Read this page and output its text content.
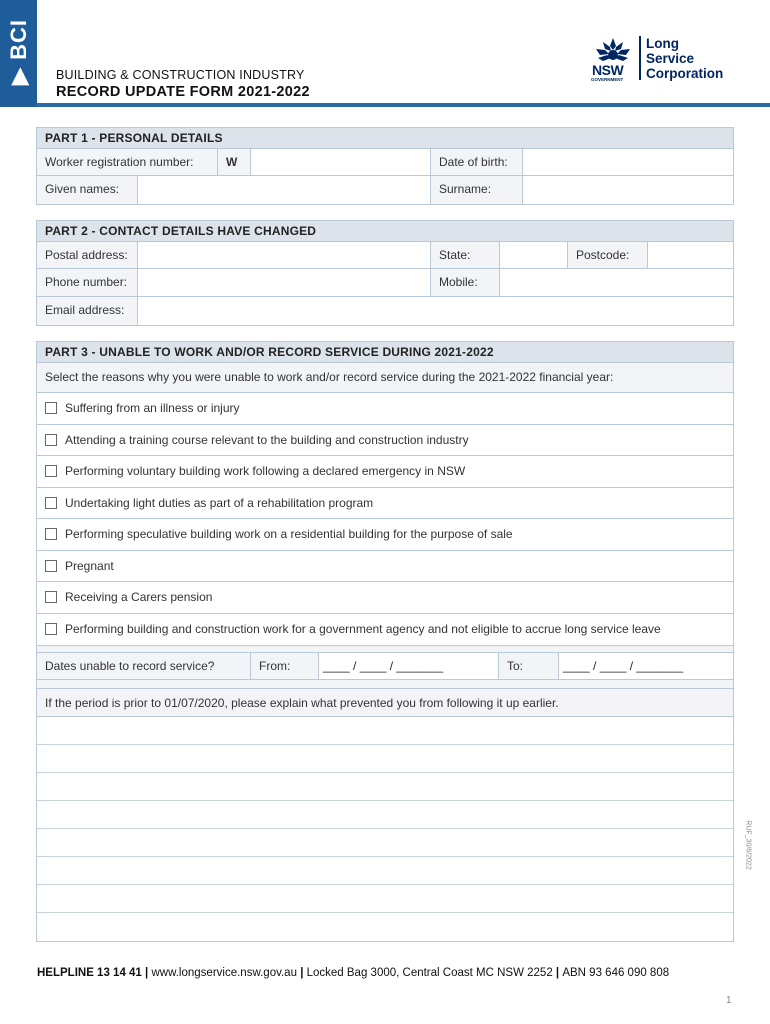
▶ BCI BUILDING & CONSTRUCTION INDUSTRY
RECORD UPDATE FORM 2021-2022
NSW
GOVERNMENT
Long
Service
Corporation
PART 1 - PERSONAL DETAILS
Worker registration number:	W	Date of birth:
Given names:	Surname:
PART 2 - CONTACT DETAILS HAVE CHANGED
Postal address:	State:	Postcode:
Phone number:	Mobile:
Email address:
PART 3 - UNABLE TO WORK AND/OR RECORD SERVICE DURING 2021-2022
Select the reasons why you were unable to work and/or record service during the 2021-2022 financial year:
Suffering from an illness or injury
Attending a training course relevant to the building and construction industry
Performing voluntary building work following a declared emergency in NSW
Undertaking light duties as part of a rehabilitation program
Performing speculative building work on a residential building for the purpose of sale
Pregnant
Receiving a Carers pension
Performing building and construction work for a government agency and not eligible to accrue long service leave
Dates unable to record service?	From:	____ / ____ / _______	To:	____ / ____ / _______
If the period is prior to 01/07/2020, please explain what prevented you from following it up earlier.
RUF_30/6/2022
HELPLINE 13 14 41 | www.longservice.nsw.gov.au | Locked Bag 3000, Central Coast MC NSW 2252 | ABN 93 646 090 808
1
